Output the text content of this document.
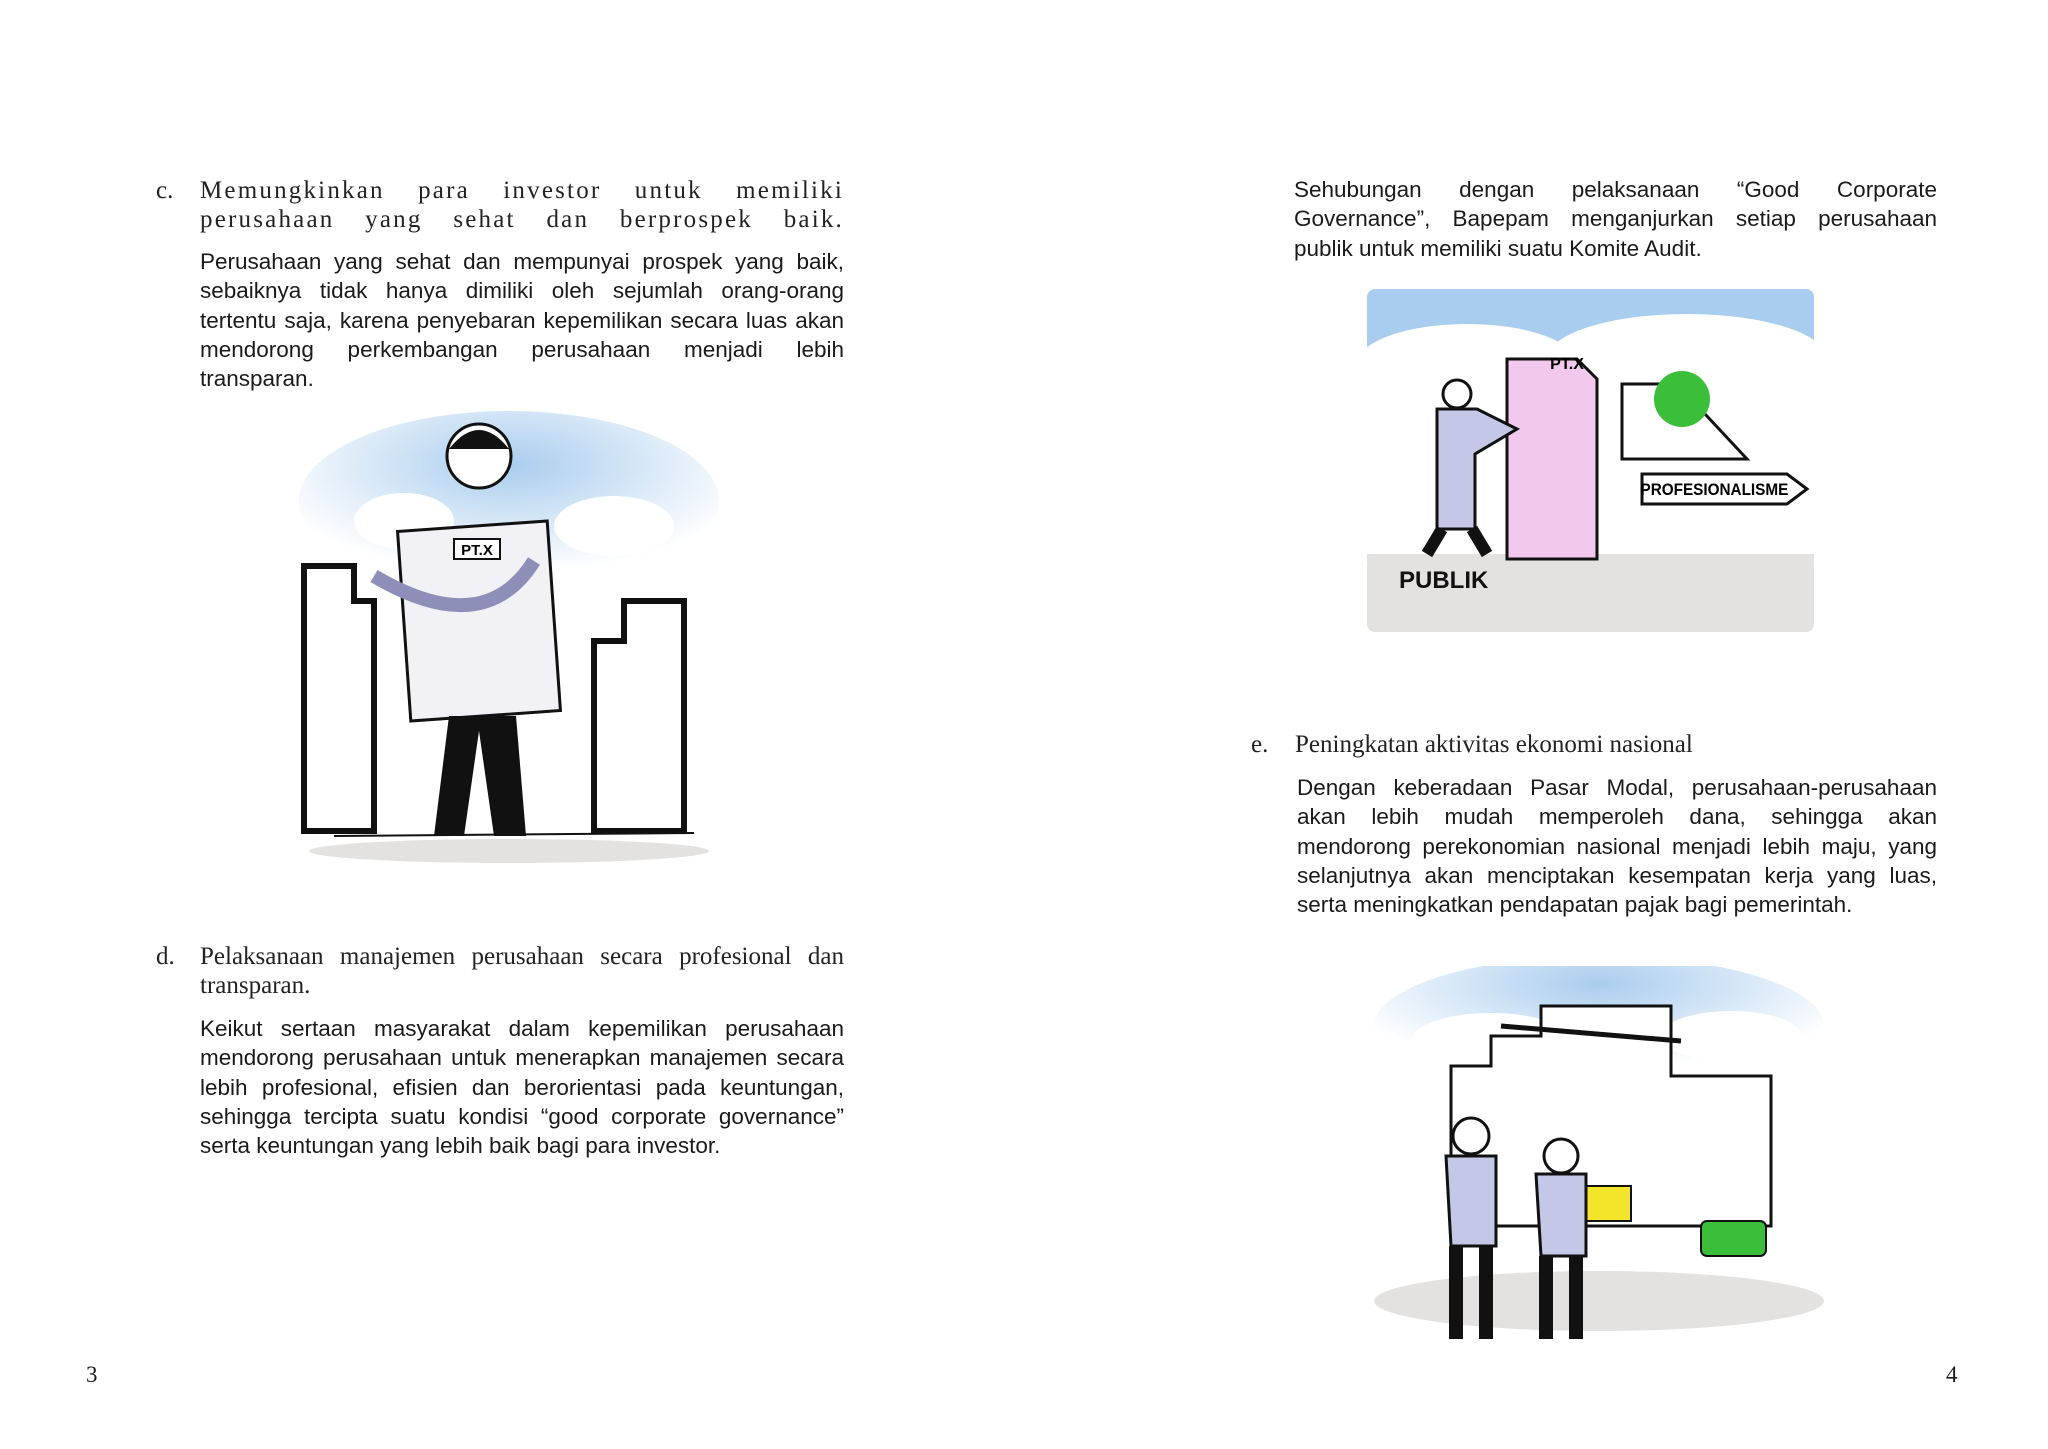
c. Memungkinkan para investor untuk memiliki perusahaan yang sehat dan berprospek baik.
Perusahaan yang sehat dan mempunyai prospek yang baik, sebaiknya tidak hanya dimiliki oleh sejumlah orang-orang tertentu saja, karena penyebaran kepemilikan secara luas akan mendorong perkembangan perusahaan menjadi lebih transparan.
PT.X
d. Pelaksanaan manajemen perusahaan secara profesional dan transparan.
Keikut sertaan masyarakat dalam kepemilikan perusahaan mendorong perusahaan untuk menerapkan manajemen secara lebih profesional, efisien dan berorientasi pada keuntungan, sehingga tercipta suatu kondisi “good corporate governance” serta keuntungan yang lebih baik bagi para investor.
3
Sehubungan dengan pelaksanaan “Good Corporate Governance”, Bapepam menganjurkan setiap perusahaan publik untuk memiliki suatu Komite Audit.
PT.X
PROFESIONALISME
PUBLIK
e. Peningkatan aktivitas ekonomi nasional
Dengan keberadaan Pasar Modal, perusahaan-perusahaan akan lebih mudah memperoleh dana, sehingga akan mendorong perekonomian nasional menjadi lebih maju, yang selanjutnya akan menciptakan kesempatan kerja yang luas, serta meningkatkan pendapatan pajak bagi pemerintah.
4
